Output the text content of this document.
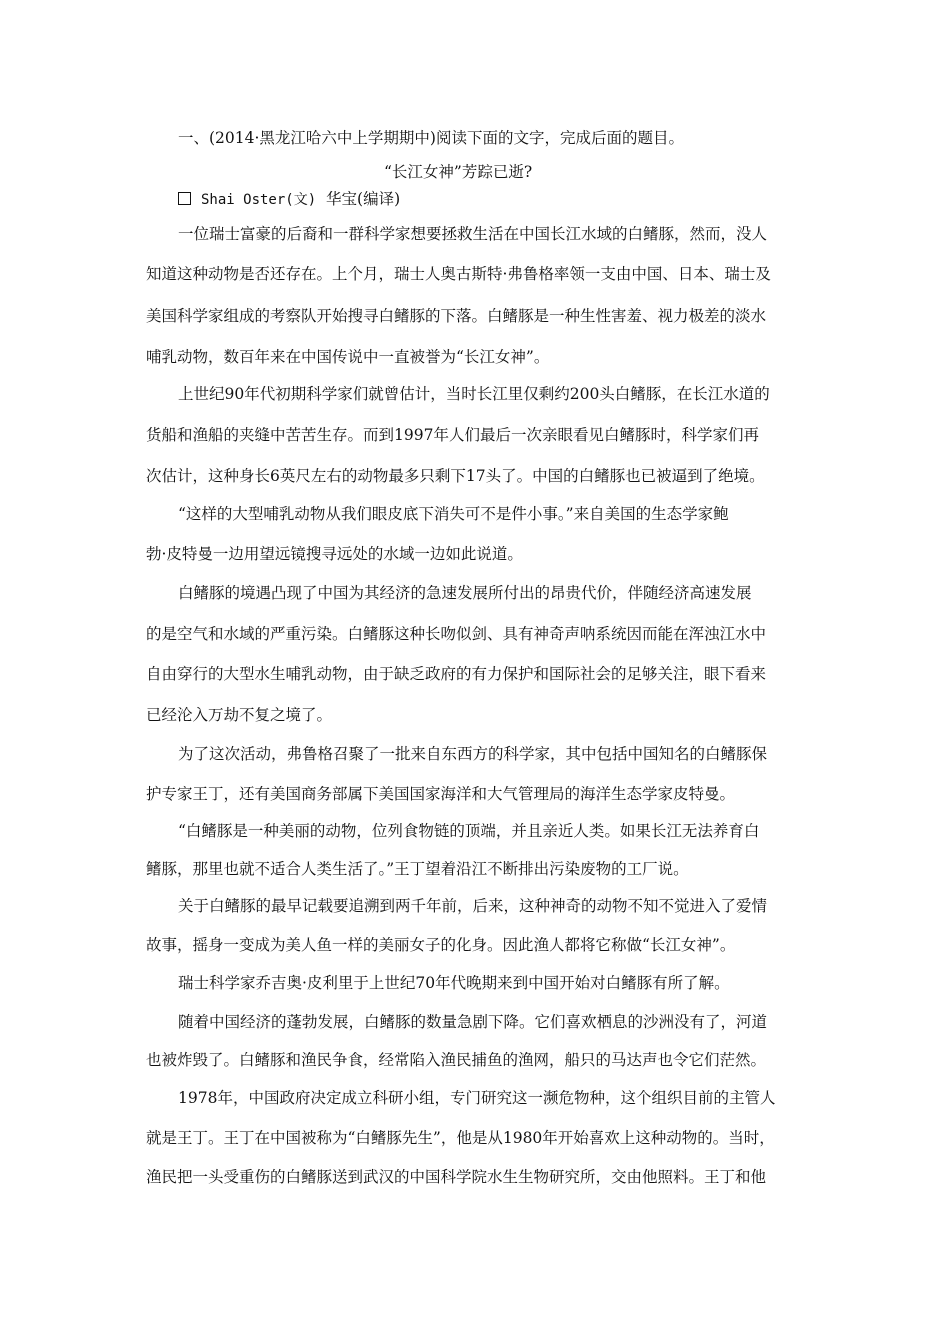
一、(2014·黑龙江哈六中上学期期中)阅读下面的文字，完成后面的题目。

“长江女神”芳踪已逝?

Shai Oster(文) 华宝(编译)

一位瑞士富豪的后裔和一群科学家想要拯救生活在中国长江水域的白鳍豚，然而，没人

知道这种动物是否还存在。上个月，瑞士人奥古斯特·弗鲁格率领一支由中国、日本、瑞士及

美国科学家组成的考察队开始搜寻白鳍豚的下落。白鳍豚是一种生性害羞、视力极差的淡水

哺乳动物，数百年来在中国传说中一直被誉为“长江女神”。

上世纪90年代初期科学家们就曾估计，当时长江里仅剩约200头白鳍豚，在长江水道的

货船和渔船的夹缝中苦苦生存。而到1997年人们最后一次亲眼看见白鳍豚时，科学家们再

次估计，这种身长6英尺左右的动物最多只剩下17头了。中国的白鳍豚也已被逼到了绝境。

“这样的大型哺乳动物从我们眼皮底下消失可不是件小事。”来自美国的生态学家鲍

勃·皮特曼一边用望远镜搜寻远处的水域一边如此说道。

白鳍豚的境遇凸现了中国为其经济的急速发展所付出的昂贵代价，伴随经济高速发展

的是空气和水域的严重污染。白鳍豚这种长吻似剑、具有神奇声呐系统因而能在浑浊江水中

自由穿行的大型水生哺乳动物，由于缺乏政府的有力保护和国际社会的足够关注，眼下看来

已经沦入万劫不复之境了。

为了这次活动，弗鲁格召聚了一批来自东西方的科学家，其中包括中国知名的白鳍豚保

护专家王丁，还有美国商务部属下美国国家海洋和大气管理局的海洋生态学家皮特曼。

“白鳍豚是一种美丽的动物，位列食物链的顶端，并且亲近人类。如果长江无法养育白

鳍豚，那里也就不适合人类生活了。”王丁望着沿江不断排出污染废物的工厂说。

关于白鳍豚的最早记载要追溯到两千年前，后来，这种神奇的动物不知不觉进入了爱情

故事，摇身一变成为美人鱼一样的美丽女子的化身。因此渔人都将它称做“长江女神”。

瑞士科学家乔吉奥·皮利里于上世纪70年代晚期来到中国开始对白鳍豚有所了解。

随着中国经济的蓬勃发展，白鳍豚的数量急剧下降。它们喜欢栖息的沙洲没有了，河道

也被炸毁了。白鳍豚和渔民争食，经常陷入渔民捕鱼的渔网，船只的马达声也令它们茫然。

1978年，中国政府决定成立科研小组，专门研究这一濒危物种，这个组织目前的主管人

就是王丁。王丁在中国被称为“白鳍豚先生”，他是从1980年开始喜欢上这种动物的。当时，

渔民把一头受重伤的白鳍豚送到武汉的中国科学院水生生物研究所，交由他照料。王丁和他
